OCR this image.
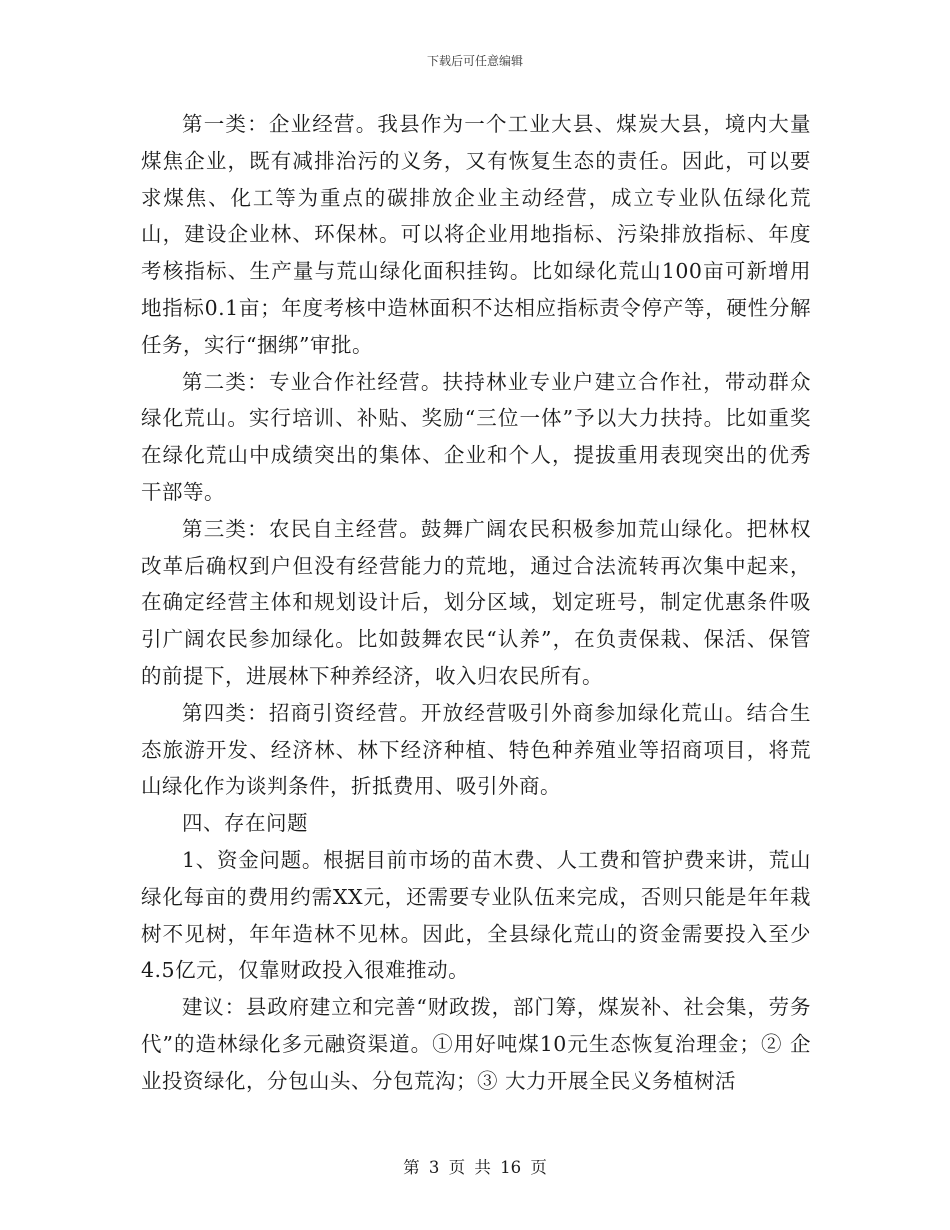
下载后可任意编辑

第一类：企业经营。我县作为一个工业大县、煤炭大县，境内大量煤焦企业，既有减排治污的义务，又有恢复生态的责任。因此，可以要求煤焦、化工等为重点的碳排放企业主动经营，成立专业队伍绿化荒山，建设企业林、环保林。可以将企业用地指标、污染排放指标、年度考核指标、生产量与荒山绿化面积挂钩。比如绿化荒山100亩可新增用地指标0.1亩；年度考核中造林面积不达相应指标责令停产等，硬性分解任务，实行“捆绑”审批。

第二类：专业合作社经营。扶持林业专业户建立合作社，带动群众绿化荒山。实行培训、补贴、奖励“三位一体”予以大力扶持。比如重奖在绿化荒山中成绩突出的集体、企业和个人，提拔重用表现突出的优秀干部等。

第三类：农民自主经营。鼓舞广阔农民积极参加荒山绿化。把林权改革后确权到户但没有经营能力的荒地，通过合法流转再次集中起来，在确定经营主体和规划设计后，划分区域，划定班号，制定优惠条件吸引广阔农民参加绿化。比如鼓舞农民“认养”，在负责保栽、保活、保管的前提下，进展林下种养经济，收入归农民所有。

第四类：招商引资经营。开放经营吸引外商参加绿化荒山。结合生态旅游开发、经济林、林下经济种植、特色种养殖业等招商项目，将荒山绿化作为谈判条件，折抵费用、吸引外商。

四、存在问题

1、资金问题。根据目前市场的苗木费、人工费和管护费来讲，荒山绿化每亩的费用约需XX元，还需要专业队伍来完成，否则只能是年年栽树不见树，年年造林不见林。因此，全县绿化荒山的资金需要投入至少4.5亿元，仅靠财政投入很难推动。

建议：县政府建立和完善“财政拨，部门筹，煤炭补、社会集，劳务代”的造林绿化多元融资渠道。①用好吨煤10元生态恢复治理金；② 企业投资绿化，分包山头、分包荒沟；③ 大力开展全民义务植树活

第 3 页 共 16 页
